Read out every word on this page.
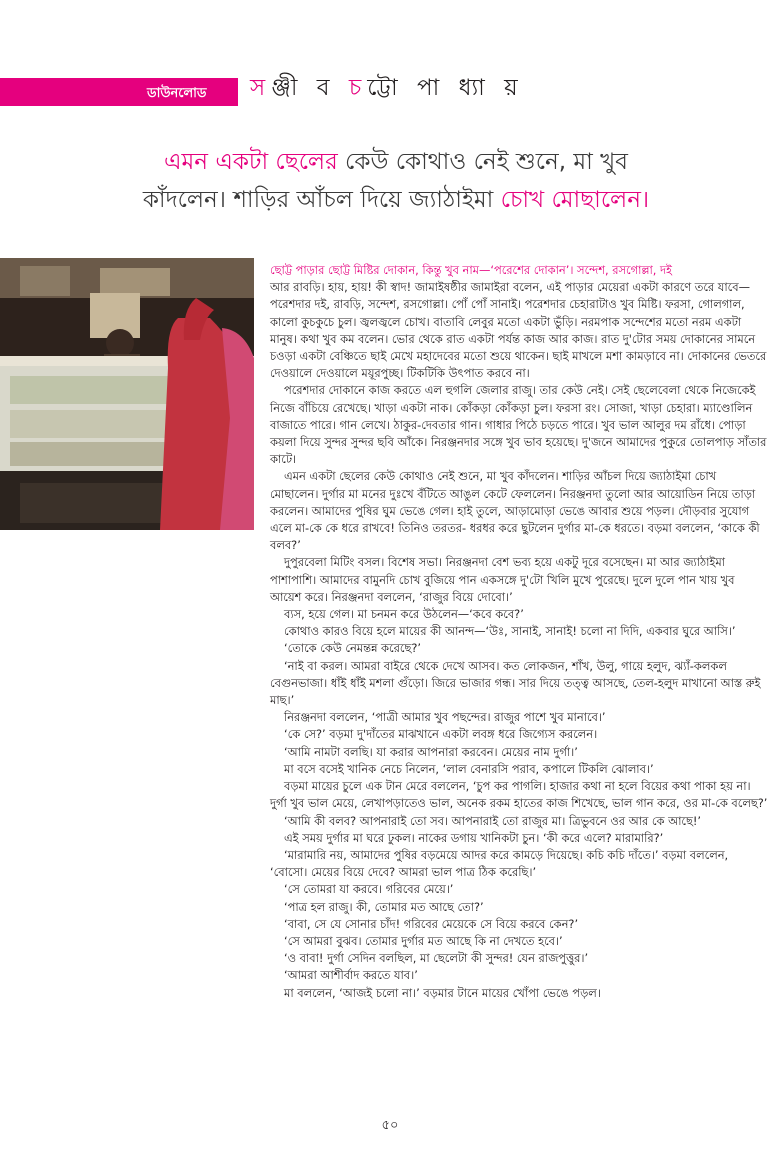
ডাউনলোড সঞ্জী ব চট্টো পা ধ্যা য়
এমন একটা ছেলের কেউ কোথাও নেই শুনে, মা খুব কাঁদলেন। শাড়ির আঁচল দিয়ে জ্যাঠাইমা চোখ মোছালেন।

ছোট্ট পাড়ার ছোট্ট মিষ্টির দোকান, কিন্তু খুব নাম—‘পরেশের দোকান’। সন্দেশ, রসগোল্লা, দই

আর রাবড়ি। হায়, হায়! কী স্বাদ! জামাইষষ্ঠীর জামাইরা বলেন, এই পাড়ার মেয়েরা একটা কারণে তরে যাবে—পরেশদার দই, রাবড়ি, সন্দেশ, রসগোল্লা। পোঁ পোঁ সানাই। পরেশদার চেহারাটাও খুব মিষ্টি। ফরসা, গোলগাল, কালো কুচকুচে চুল। জ্বলজ্বলে চোখ। বাতাবি লেবুর মতো একটা ভুঁড়ি। নরমপাক সন্দেশের মতো নরম একটা মানুষ। কথা খুব কম বলেন। ভোর থেকে রাত একটা পর্যন্ত কাজ আর কাজ। রাত দু'টোর সময় দোকানের সামনে চওড়া একটা বেঞ্চিতে ছাই মেখে মহাদেবের মতো শুয়ে থাকেন। ছাই মাখলে মশা কামড়াবে না। দোকানের ভেতরে দেওয়ালে দেওয়ালে ময়ূরপুচ্ছ। টিকটিকি উৎপাত করবে না।

পরেশদার দোকানে কাজ করতে এল হুগলি জেলার রাজু। তার কেউ নেই। সেই ছেলেবেলা থেকে নিজেকেই নিজে বাঁচিয়ে রেখেছে। খাড়া একটা নাক। কোঁকড়া কোঁকড়া চুল। ফরসা রং। সোজা, খাড়া চেহারা। ম্যাণ্ডোলিন বাজাতে পারে। গান লেখে। ঠাকুর-দেবতার গান। গাধার পিঠে চড়তে পারে। খুব ভাল আলুর দম রাঁধে। পোড়া কয়লা দিয়ে সুন্দর সুন্দর ছবি আঁকে। নিরঞ্জনদার সঙ্গে খুব ভাব হয়েছে। দু'জনে আমাদের পুকুরে তোলপাড় সাঁতার কাটে।

এমন একটা ছেলের কেউ কোথাও নেই শুনে, মা খুব কাঁদলেন। শাড়ির আঁচল দিয়ে জ্যাঠাইমা চোখ মোছালেন। দুর্গার মা মনের দুঃখে বঁটিতে আঙুল কেটে ফেললেন। নিরঞ্জনদা তুলো আর আয়োডিন নিয়ে তাড়া করলেন। আমাদের পুষির ঘুম ভেঙে গেল। হাই তুলে, আড়ামোড়া ভেঙে আবার শুয়ে পড়ল। দৌড়বার সুযোগ এলে মা-কে কে ধরে রাখবে! তিনিও তরতর- ধরধর করে ছুটলেন দুর্গার মা-কে ধরতে। বড়মা বললেন, ‘কাকে কী বলব?’

দুপুরবেলা মিটিং বসল। বিশেষ সভা। নিরঞ্জনদা বেশ ভব্য হয়ে একটু দূরে বসেছেন। মা আর জ্যাঠাইমা পাশাপাশি। আমাদের বামুনদি চোখ বুজিয়ে পান একসঙ্গে দু'টো খিলি মুখে পুরেছে। দুলে দুলে পান খায় খুব আয়েশ করে। নিরঞ্জনদা বললেন, ‘রাজুর বিয়ে দোবো।’

ব্যস, হয়ে গেল। মা চনমন করে উঠলেন—‘কবে কবে?’

কোথাও কারও বিয়ে হলে মায়ের কী আনন্দ—‘উঃ, সানাই, সানাই! চলো না দিদি, একবার ঘুরে আসি।’

‘তোকে কেউ নেমন্তন্ন করেছে?’

‘নাই বা করল। আমরা বাইরে থেকে দেখে আসব। কত লোকজন, শাঁখ, উলু, গায়ে হলুদ, ঝ্যাঁ-কলকল বেগুনভাজা। ধাঁই ধাঁই মশলা গুঁড়ো। জিরে ভাজার গন্ধ। সার দিয়ে তত্ত্ব আসছে, তেল-হলুদ মাখানো আস্ত রুই মাছ।’

নিরঞ্জনদা বললেন, ‘পাত্রী আমার খুব পছন্দের। রাজুর পাশে খুব মানাবে।’

‘কে সে?’ বড়মা দু'দাঁতের মাঝখানে একটা লবঙ্গ ধরে জিগ্যেস করলেন।

‘আমি নামটা বলছি। যা করার আপনারা করবেন। মেয়ের নাম দুর্গা।’

মা বসে বসেই খানিক নেচে নিলেন, ‘লাল বেনারসি পরাব, কপালে টিকলি ঝোলাব।’

বড়মা মায়ের চুলে এক টান মেরে বললেন, ‘চুপ কর পাগলি। হাজার কথা না হলে বিয়ের কথা পাকা হয় না। দুর্গা খুব ভাল মেয়ে, লেখাপড়াতেও ভাল, অনেক রকম হাতের কাজ শিখেছে, ভাল গান করে, ওর মা-কে বলেছ?’

‘আমি কী বলব? আপনারাই তো সব। আপনারাই তো রাজুর মা। ত্রিভুবনে ওর আর কে আছে!’

এই সময় দুর্গার মা ঘরে ঢুকল। নাকের ডগায় খানিকটা চুন। ‘কী করে এলে? মারামারি?’

‘মারামারি নয়, আমাদের পুষির বড়মেয়ে আদর করে কামড়ে দিয়েছে। কচি কচি দাঁতে।’ বড়মা বললেন, ‘বোসো। মেয়ের বিয়ে দেবে? আমরা ভাল পাত্র ঠিক করেছি।’

‘সে তোমরা যা করবে। গরিবের মেয়ে।’

‘পাত্র হল রাজু। কী, তোমার মত আছে তো?’

‘বাবা, সে যে সোনার চাঁদ! গরিবের মেয়েকে সে বিয়ে করবে কেন?’

‘সে আমরা বুঝব। তোমার দুর্গার মত আছে কি না দেখতে হবে।’

‘ও বাবা! দুর্গা সেদিন বলছিল, মা ছেলেটা কী সুন্দর! যেন রাজপুত্তুর।’

‘আমরা আশীর্বাদ করতে যাব।’

মা বললেন, ‘আজই চলো না।’ বড়মার টানে মায়ের খোঁপা ভেঙে পড়ল।

৫০
